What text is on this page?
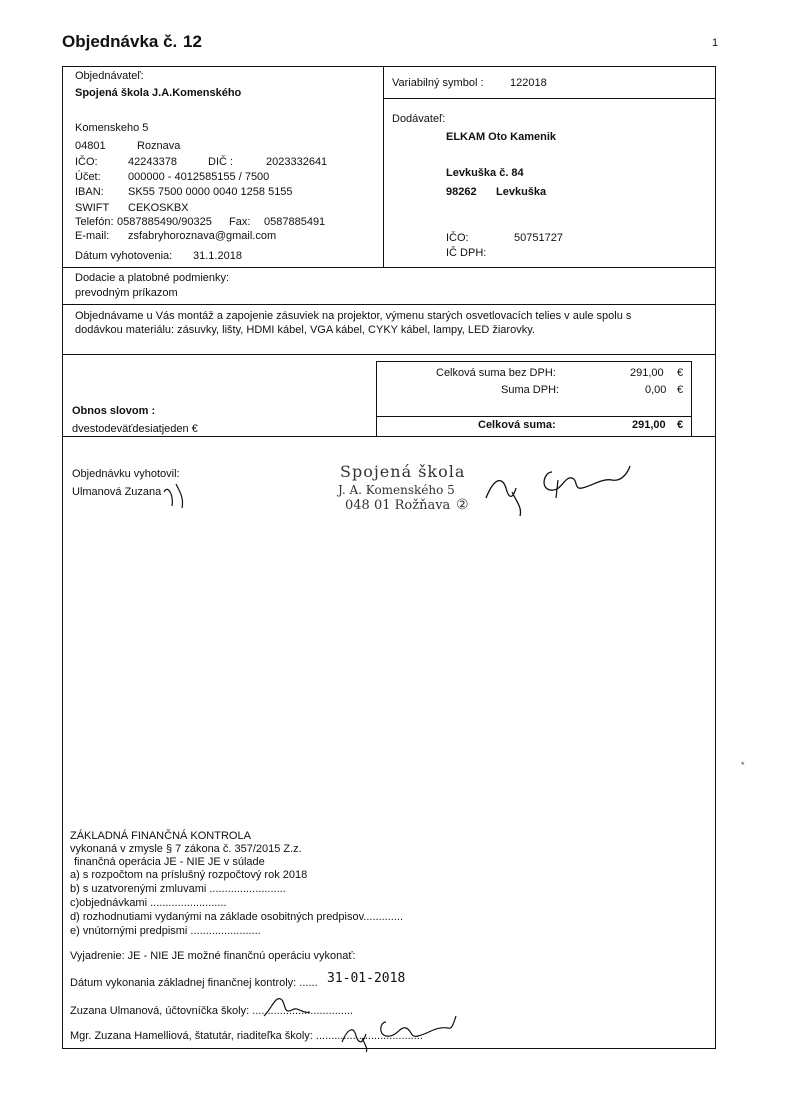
Objednávka č. 12	1
Objednávateľ:
Spojená škola J.A.Komenského
Komenskeho 5
04801	Roznava
IČO:	42243378	DIČ :	2023332641
Účet: 000000 - 4012585155 / 7500
IBAN: SK55 7500 0000 0040 1258 5155
SWIFT CEKOSKBX
Telefón: 0587885490/90325 Fax: 0587885491
E-mail: zsfabryhoroznava@gmail.com
Dátum vyhotovenia: 31.1.2018
Variabilný symbol : 122018
Dodávateľ:
ELKAM Oto Kamenik
Levkuška č. 84
98262 Levkuška
IČO:	50751727
IČ DPH:
Dodacie a platobné podmienky:
prevodným príkazom
Objednávame u Vás montáž a zapojenie zásuviek na projektor, výmenu starých osvetlovacích telies v aule spolu s
dodávkou materiálu: zásuvky, lišty, HDMI kábel, VGA kábel, CYKY kábel, lampy, LED žiarovky.
Celková suma bez DPH:	291,00 €
Suma DPH:	0,00 €
Celková suma:	291,00 €
Obnos slovom :
dvestodeväťdesiatjeden €
Objednávku vyhotovil:
Ulmanová Zuzana
Spojená škola
J. A. Komenského 5
048 01 Rožňava ②
ZÁKLADNÁ FINANČNÁ KONTROLA
vykonaná v zmysle § 7 zákona č. 357/2015 Z.z.
finančná operácia JE - NIE JE v súlade
a) s rozpočtom na príslušný rozpočtový rok 2018
b) s uzatvorenými zmluvami .........................
c)objednávkami .........................
d) rozhodnutiami vydanými na základe osobitných predpisov.............
e) vnútornými predpismi .......................
Vyjadrenie: JE - NIE JE možné finančnú operáciu vykonať:
Dátum vykonania základnej finančnej kontroly: ...... 31-01-2018
Zuzana Ulmanová, účtovníčka školy: .................................
Mgr. Zuzana Hamelliová, štatutár, riaditeľka školy: ...................................
*
